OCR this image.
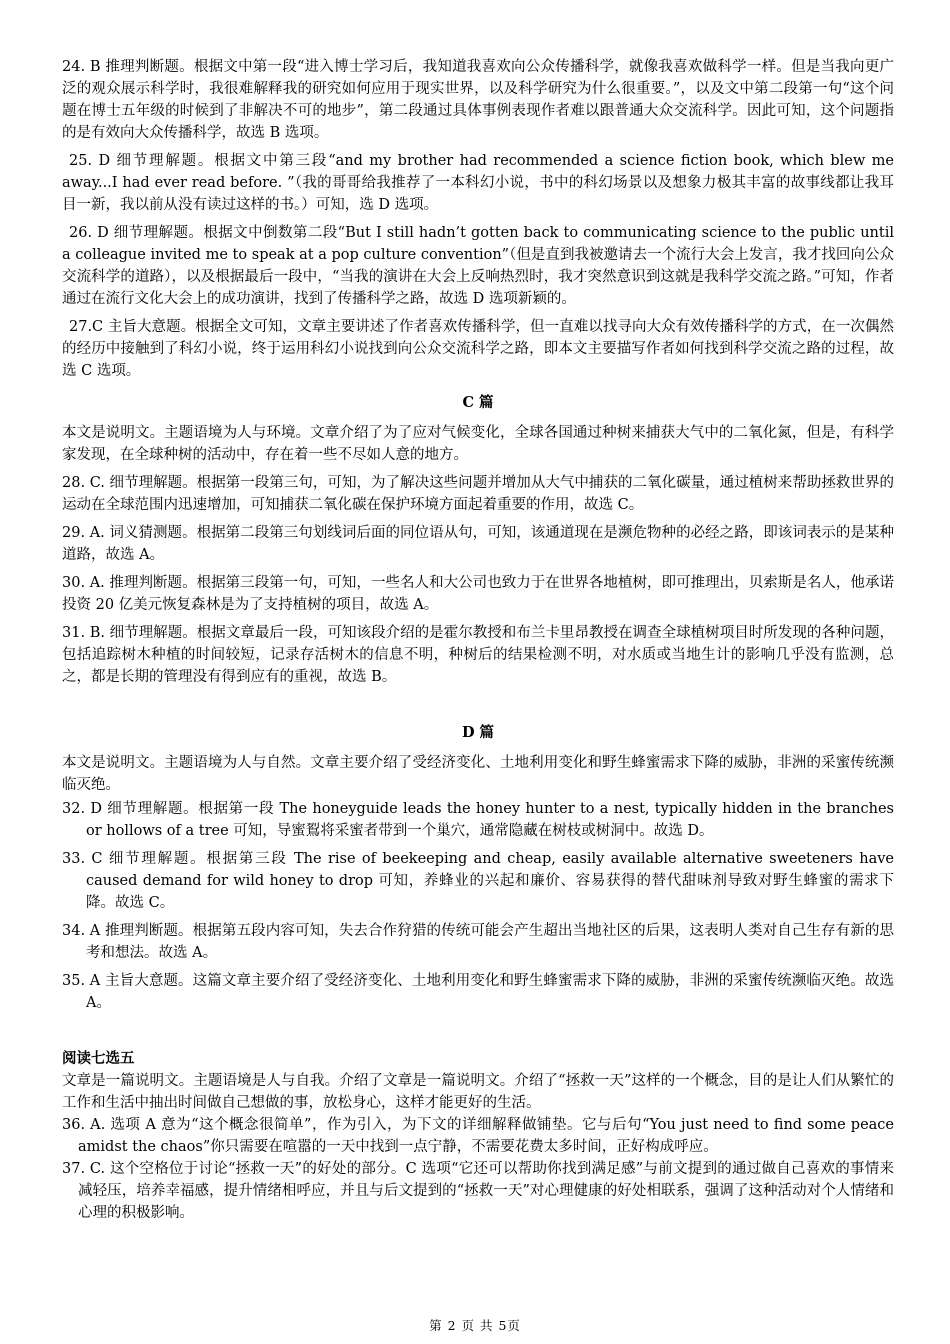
24. B 推理判断题。根据文中第一段“进入博士学习后，我知道我喜欢向公众传播科学，就像我喜欢做科学一样。但是当我向更广泛的观众展示科学时，我很难解释我的研究如何应用于现实世界，以及科学研究为什么很重要。”，以及文中第二段第一句“这个问题在博士五年级的时候到了非解决不可的地步”，第二段通过具体事例表现作者难以跟普通大众交流科学。因此可知，这个问题指的是有效向大众传播科学，故选 B 选项。

25. D 细节理解题。根据文中第三段“and my brother had recommended a science fiction book, which blew me away...I had ever read before. ”（我的哥哥给我推荐了一本科幻小说，书中的科幻场景以及想象力极其丰富的故事线都让我耳目一新，我以前从没有读过这样的书。）可知，选 D 选项。

26. D 细节理解题。根据文中倒数第二段“But I still hadn’t gotten back to communicating science to the public until a colleague invited me to speak at a pop culture convention”（但是直到我被邀请去一个流行大会上发言，我才找回向公众交流科学的道路），以及根据最后一段中，“当我的演讲在大会上反响热烈时，我才突然意识到这就是我科学交流之路。”可知，作者通过在流行文化大会上的成功演讲，找到了传播科学之路，故选 D 选项新颖的。

27.C 主旨大意题。根据全文可知，文章主要讲述了作者喜欢传播科学，但一直难以找寻向大众有效传播科学的方式，在一次偶然的经历中接触到了科幻小说，终于运用科幻小说找到向公众交流科学之路，即本文主要描写作者如何找到科学交流之路的过程，故选 C 选项。

C 篇

本文是说明文。主题语境为人与环境。文章介绍了为了应对气候变化，全球各国通过种树来捕获大气中的二氧化氮，但是，有科学家发现，在全球种树的活动中，存在着一些不尽如人意的地方。

28. C. 细节理解题。根据第一段第三句，可知，为了解决这些问题并增加从大气中捕获的二氧化碳量，通过植树来帮助拯救世界的运动在全球范围内迅速增加，可知捕获二氧化碳在保护环境方面起着重要的作用，故选 C。

29. A. 词义猜测题。根据第二段第三句划线词后面的同位语从句，可知，该通道现在是濒危物种的必经之路，即该词表示的是某种道路，故选 A。

30. A. 推理判断题。根据第三段第一句，可知，一些名人和大公司也致力于在世界各地植树，即可推理出，贝索斯是名人，他承诺投资 20 亿美元恢复森林是为了支持植树的项目，故选 A。

31. B. 细节理解题。根据文章最后一段，可知该段介绍的是霍尔教授和布兰卡里昂教授在调查全球植树项目时所发现的各种问题，包括追踪树木种植的时间较短，记录存活树木的信息不明，种树后的结果检测不明，对水质或当地生计的影响几乎没有监测，总之，都是长期的管理没有得到应有的重视，故选 B。

D 篇

本文是说明文。主题语境为人与自然。文章主要介绍了受经济变化、土地利用变化和野生蜂蜜需求下降的威胁，非洲的采蜜传统濒临灭绝。

32. D 细节理解题。根据第一段 The honeyguide leads the honey hunter to a nest, typically hidden in the branches or hollows of a tree 可知，导蜜鴷将采蜜者带到一个巢穴，通常隐藏在树枝或树洞中。故选 D。

33. C 细节理解题。根据第三段 The rise of beekeeping and cheap, easily available alternative sweeteners have caused demand for wild honey to drop 可知，养蜂业的兴起和廉价、容易获得的替代甜味剂导致对野生蜂蜜的需求下降。故选 C。

34. A 推理判断题。根据第五段内容可知，失去合作狩猎的传统可能会产生超出当地社区的后果，这表明人类对自己生存有新的思考和想法。故选 A。

35. A 主旨大意题。这篇文章主要介绍了受经济变化、土地利用变化和野生蜂蜜需求下降的威胁，非洲的采蜜传统濒临灭绝。故选 A。

阅读七选五

文章是一篇说明文。主题语境是人与自我。介绍了文章是一篇说明文。介绍了“拯救一天”这样的一个概念，目的是让人们从繁忙的工作和生活中抽出时间做自己想做的事，放松身心，这样才能更好的生活。

36. A. 选项 A 意为“这个概念很简单”，作为引入，为下文的详细解释做铺垫。它与后句“You just need to find some peace amidst the chaos”你只需要在喧嚣的一天中找到一点宁静，不需要花费太多时间，正好构成呼应。

37. C. 这个空格位于讨论“拯救一天”的好处的部分。C 选项“它还可以帮助你找到满足感”与前文提到的通过做自己喜欢的事情来减轻压，培养幸福感，提升情绪相呼应，并且与后文提到的“拯救一天”对心理健康的好处相联系，强调了这种活动对个人情绪和心理的积极影响。

第 2 页 共 5页
